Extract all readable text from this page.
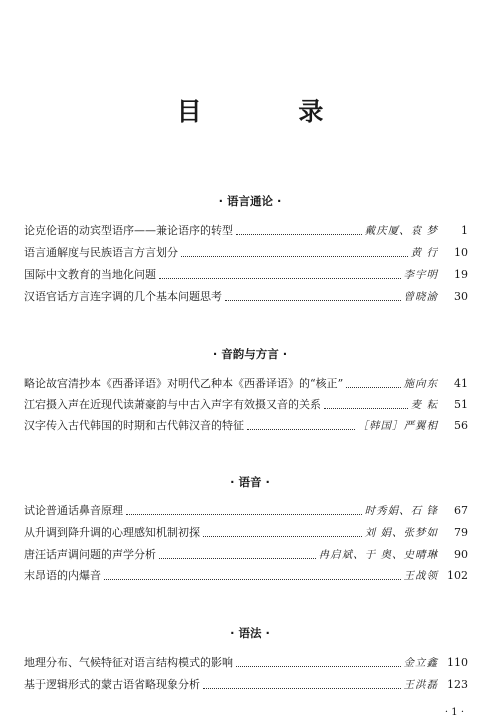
目 录
· 语言通论 ·
论克伦语的动宾型语序——兼论语序的转型	戴庆厦、袁 梦	1
语言通解度与民族语言方言划分	黄 行	10
国际中文教育的当地化问题	李宇明	19
汉语官话方言连字调的几个基本问题思考	曾晓渝	30
· 音韵与方言 ·
略论故宫清抄本《西番译语》对明代乙种本《西番译语》的“核正”	施向东	41
江宕摄入声在近现代读萧豪韵与中古入声字有效摄又音的关系	麦 耘	51
汉字传入古代韩国的时期和古代韩汉音的特征	［韩国］严翼相	56
· 语音 ·
试论普通话鼻音原理	时秀娟、石 锋	67
从升调到降升调的心理感知机制初探	刘 娟、张梦如	79
唐汪话声调问题的声学分析	冉启斌、于 奥、史晴琳	90
末昂语的内爆音	王战领 102
· 语法 ·
地理分布、气候特征对语言结构模式的影响	金立鑫 110
基于逻辑形式的蒙古语省略现象分析	王洪磊 123
· 1 ·
